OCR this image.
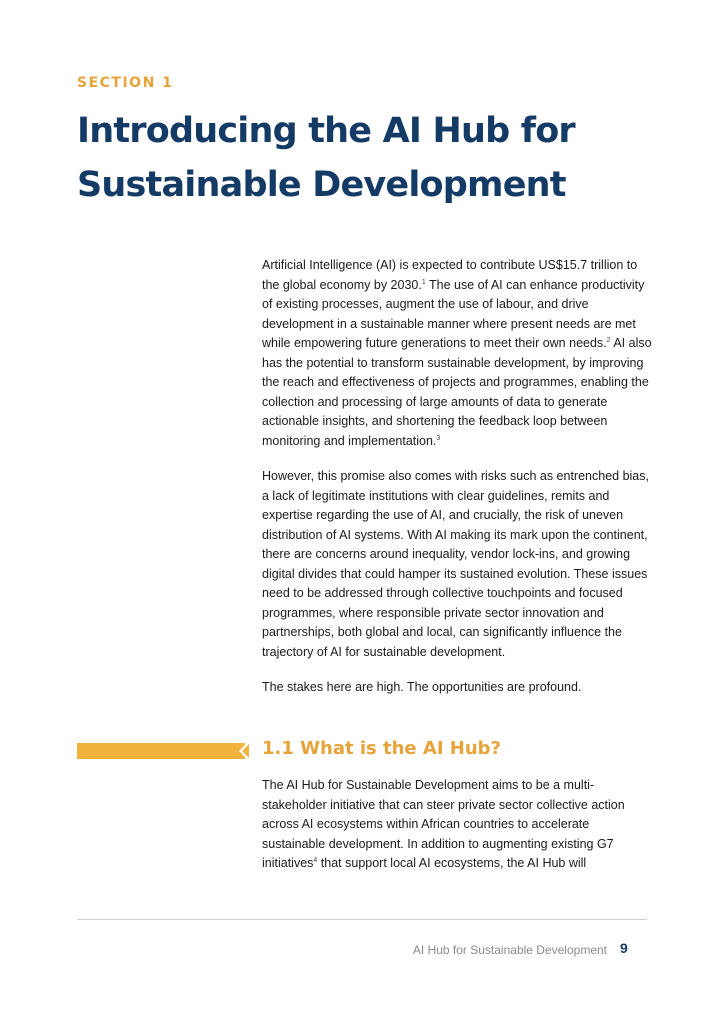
SECTION 1
Introducing the AI Hub for
Sustainable Development

Artificial Intelligence (AI) is expected to contribute US$15.7 trillion to the global economy by 2030.$^1$ The use of AI can enhance productivity of existing processes, augment the use of labour, and drive development in a sustainable manner where present needs are met while empowering future generations to meet their own needs.$^2$ AI also has the potential to transform sustainable development, by improving the reach and effectiveness of projects and programmes, enabling the collection and processing of large amounts of data to generate actionable insights, and shortening the feedback loop between monitoring and implementation.$^3$

However, this promise also comes with risks such as entrenched bias, a lack of legitimate institutions with clear guidelines, remits and expertise regarding the use of AI, and crucially, the risk of uneven distribution of AI systems. With AI making its mark upon the continent, there are concerns around inequality, vendor lock-ins, and growing digital divides that could hamper its sustained evolution. These issues need to be addressed through collective touchpoints and focused programmes, where responsible private sector innovation and partnerships, both global and local, can significantly influence the trajectory of AI for sustainable development.

The stakes here are high. The opportunities are profound.

1.1 What is the AI Hub?

The AI Hub for Sustainable Development aims to be a multi-stakeholder initiative that can steer private sector collective action across AI ecosystems within African countries to accelerate sustainable development. In addition to augmenting existing G7 initiatives$^4$ that support local AI ecosystems, the AI Hub will

AI Hub for Sustainable Development 9
